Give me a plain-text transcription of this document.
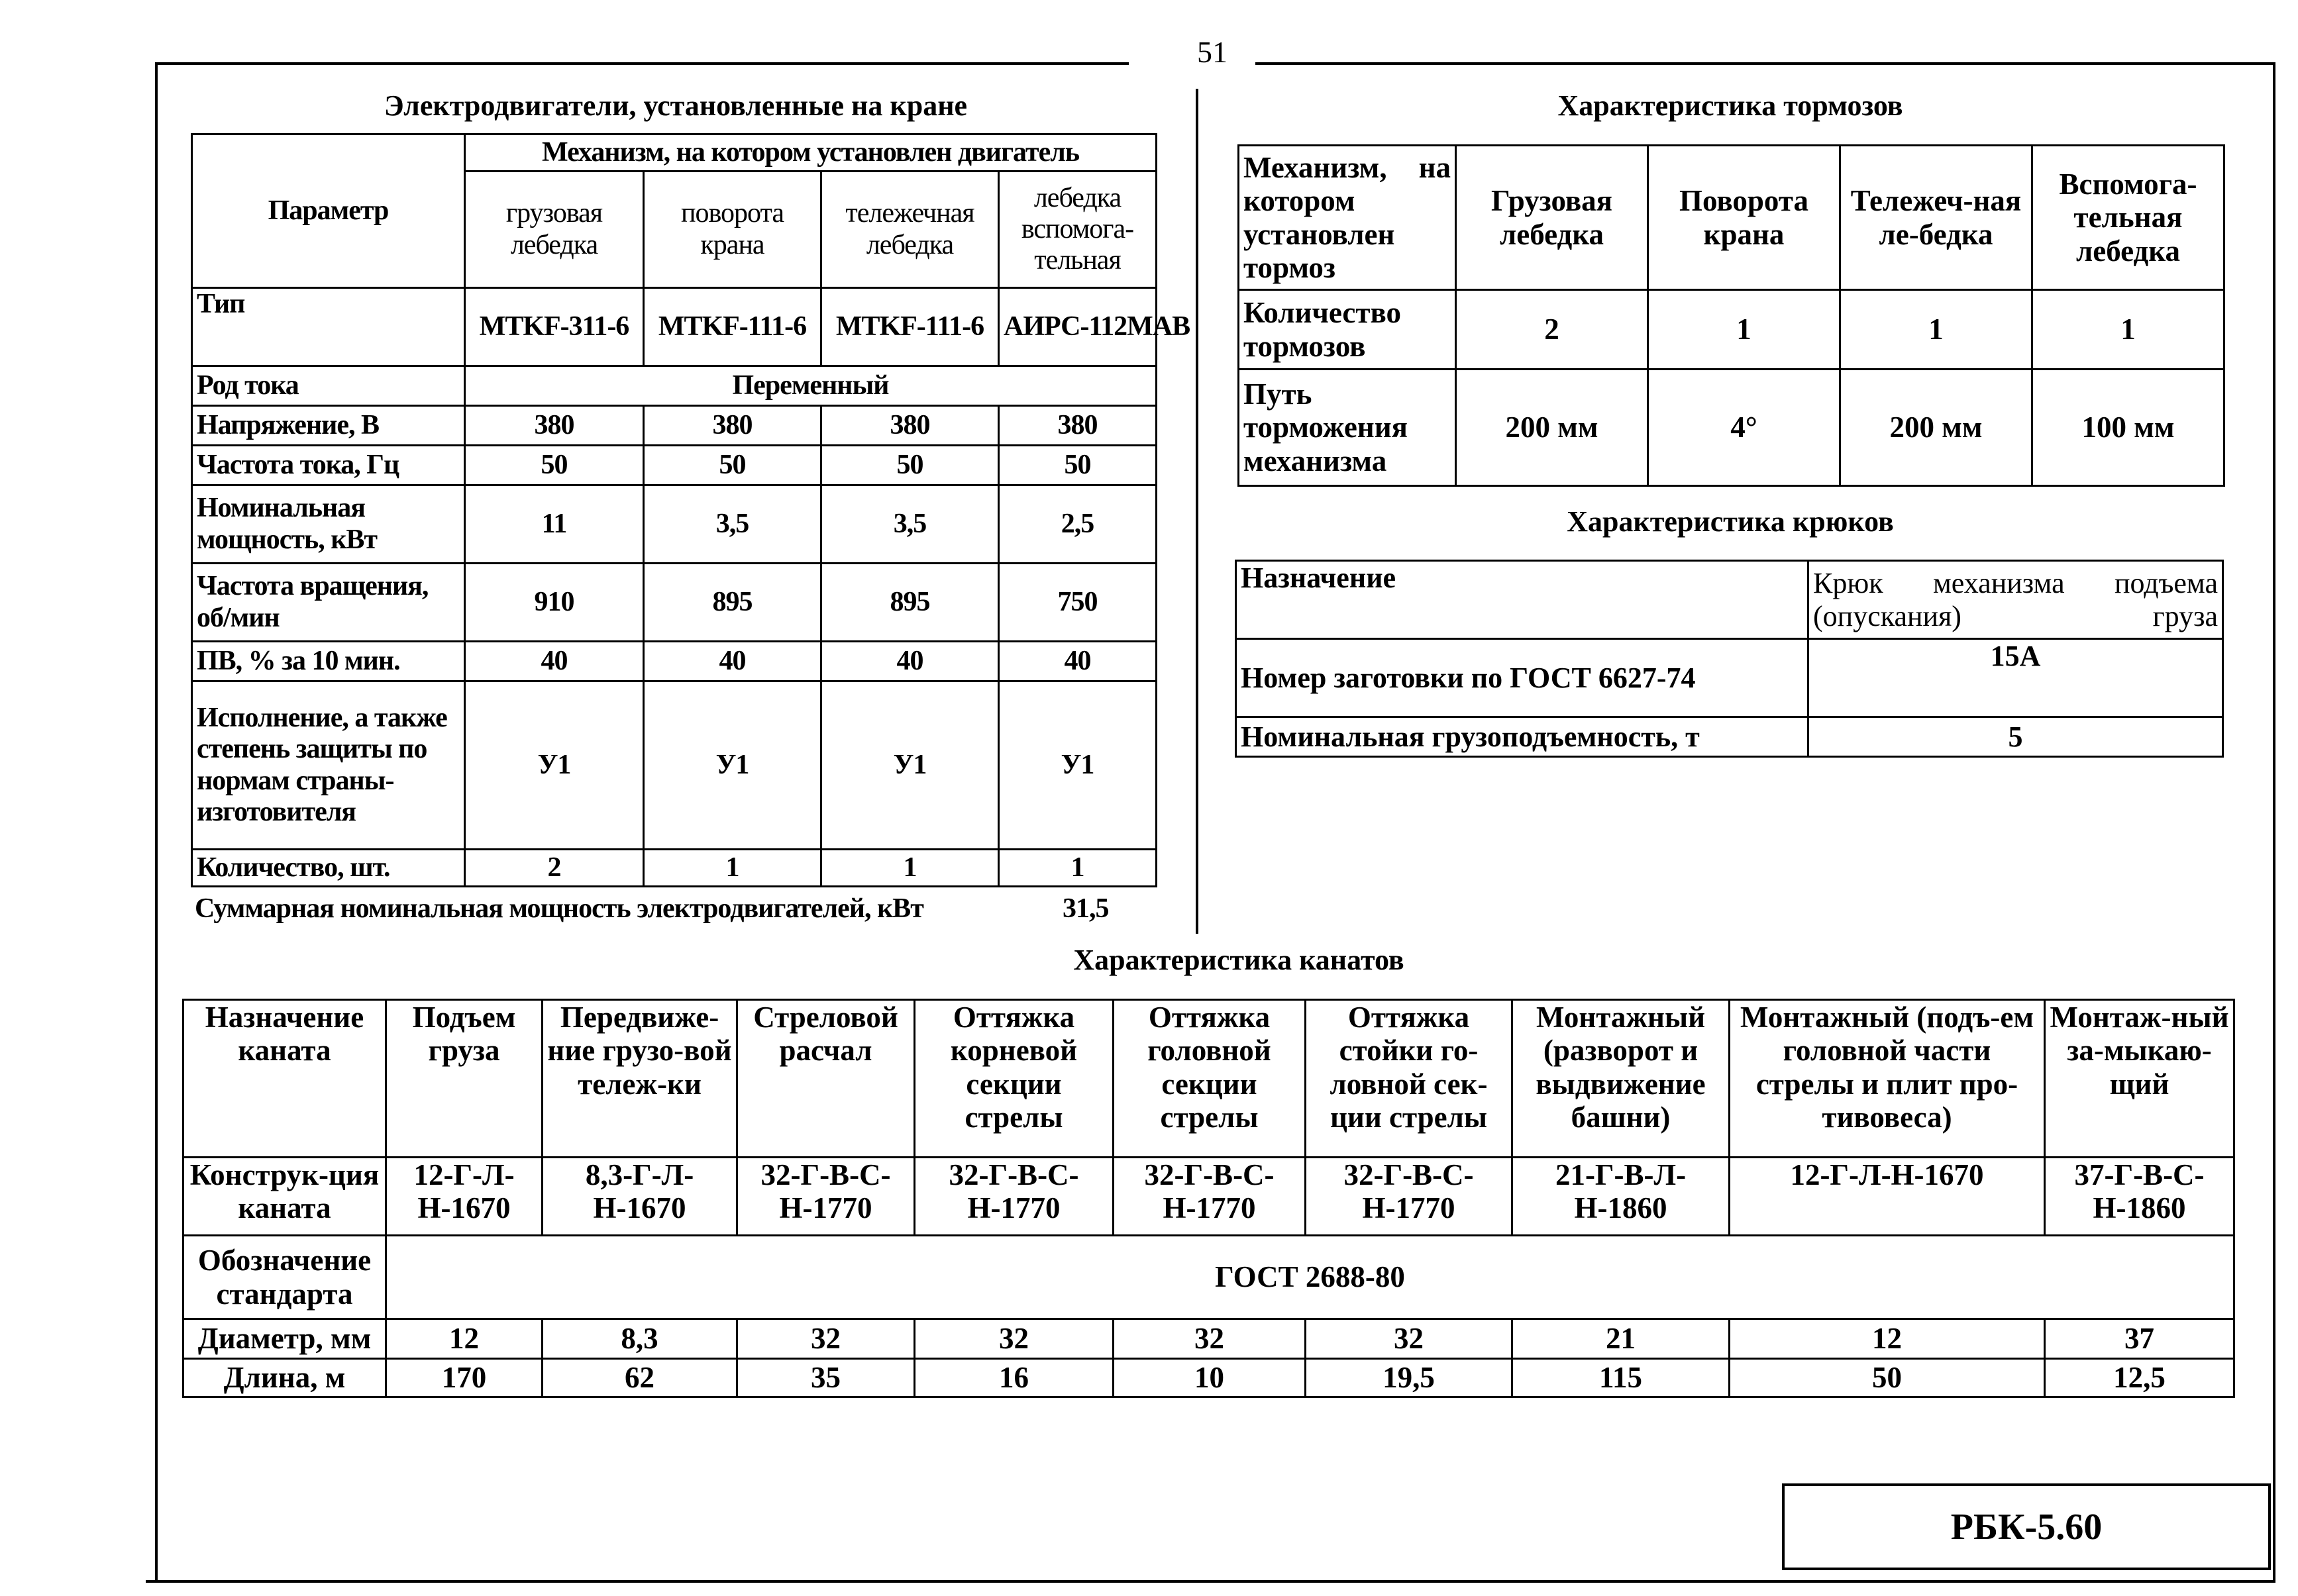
51
Электродвигатели, установленные на кране
Параметр	Механизм, на котором установлен двигатель			
	грузовая лебедка	поворота крана	тележечная лебедка	лебедка вспомога-тельная
Тип	MTKF-311-6	MTKF-111-6	MTKF-111-6	АИРС-112МАВ
Род тока	Переменный			
Напряжение, В	380	380	380	380
Частота тока, Гц	50	50	50	50
Номинальная мощность, кВт	11	3,5	3,5	2,5
Частота вращения, об/мин	910	895	895	750
ПВ, % за 10 мин.	40	40	40	40
Исполнение, а также степень защиты по нормам страны-изготовителя	У1	У1	У1	У1
Количество, шт.	2	1	1	1
Суммарная номинальная мощность электродвигателей, кВт	31,5
Характеристика тормозов
Механизм, на котором установлен тормоз	Грузовая лебедка	Поворота крана	Тележеч-ная ле-бедка	Вспомога-тельная лебедка
Количество тормозов	2	1	1	1
Путь торможения механизма	200 мм	4°	200 мм	100 мм
Характеристика крюков
Назначение	Крюк механизма подъема (опускания) груза
Номер заготовки по ГОСТ 6627-74	15А
Номинальная грузоподъемность, т	5
Характеристика канатов
Назначение каната	Подъем груза	Передвиже-ние грузо-вой тележ-ки	Стреловой расчал	Оттяжка корневой секции стрелы	Оттяжка головной секции стрелы	Оттяжка стойки го-ловной сек-ции стрелы	Монтажный (разворот и выдвижение башни)	Монтажный (подъ-ем головной части стрелы и плит про-тивовеса)	Монтаж-ный за-мыкаю-щий
Конструк-ция каната	12-Г-Л-Н-1670	8,3-Г-Л-Н-1670	32-Г-В-С-Н-1770	32-Г-В-С-Н-1770	32-Г-В-С-Н-1770	32-Г-В-С-Н-1770	21-Г-В-Л-Н-1860	12-Г-Л-Н-1670	37-Г-В-С-Н-1860
Обозначение стандарта	ГОСТ 2688-80								
Диаметр, мм	12	8,3	32	32	32	32	21	12	37
Длина, м	170	62	35	16	10	19,5	115	50	12,5
РБК-5.60
